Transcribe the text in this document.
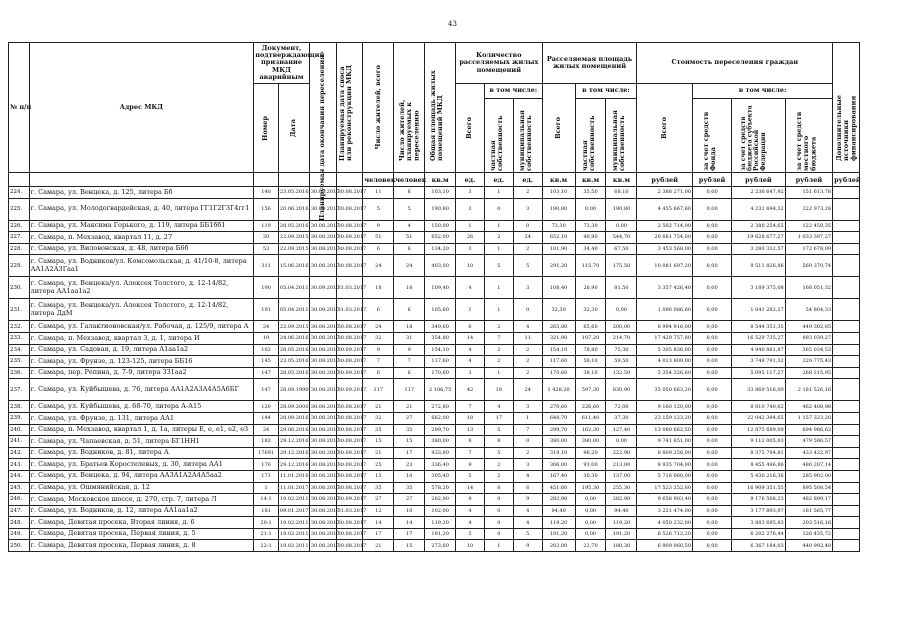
43
№ п/п	Адрес МКД	Документ, подтверждающий признание МКД аварийным		Планируемая дата окончания переселения	Планируемая дата сноса или реконструкции МКД	Число жителей, всего	Число жителей, планируемых к переселению	Общая площадь жилых помещений МКД	Количество расселяемых жилых помещений			Расселяемая площадь жилых помещений			Стоимость переселения граждан				Дополнительные источники финансирования

		Номер	Дата						Всего	в том числе:		Всего	в том числе:		Всего	в том числе:			

										частная собственность	муниципальная собственность		частная собственность	муниципальная собственность		за счет средств Фонда	за счет средств бюджета субъекта Российской Федерации	за счет средств местного бюджета	

						человек	человек	кв.м	ед.	ед.	ед.	кв.м	кв.м	кв.м	рублей	рублей	рублей	рублей	рублей
224.	г. Самара, ул. Венцека, д. 125, литера Бб	140	23.05.2016	30.08.2017	30.08.2017	11	6	103,10	3	1	2	103,10	35,50	68,10	2 388 271,00	0,00	2 236 647,92	151 613,78	
225.	г. Самара, ул. Молодогвардейская, д. 40, литера ГГ1Г2Г3Г4гг1	156	20.06.2016	30.08.2017	30.08.2017	5	5	190,80	3	0	3	190,80	0,00	190,80	4 455 667,60	0,00	4 232 694,32	222 973,28	
226.	г. Самара, ул. Максима Горького, д. 119, литера ББ1бб1	119	28.05.2016	30.08.2017	30.08.2017	9	4	150,00	1	1	0	73,30	73,30	0,00	2 502 714,00	0,00	2 380 254,65	122 459,35	
227.	г. Самара, п. Мехзавод, квартал 11, д. 27	20	22.09.2015	30.08.2017	30.08.2017	51	51	652,00	26	2	24	652,10	40,90	544,70	20 661 754,00	0,00	19 628 677,27	1 033 397,27	
228.	г. Самара, ул. Виловонская, д. 48, литера Б6б	53	22.09.2015	30.08.2017	30.08.2017	6	6	134,20	3	1	2	101,90	34,40	67,50	3 453 568,00	0,00	3 280 332,57	172 678,09	
229.	г. Самара, ул. Водников/ул. Комсомольская, д. 41/10-8, литера АА1А2А3Гаа1	311	15.06.2016	30.08.2017	30.08.2017	24	24	403,00	10	5	5	291,20	115,70	175,50	10 081 697,20	0,00	9 511 826,86	569 370,74	
230.	г. Самара, ул. Венцека/ул. Алексея Толстого, д. 12-14/82, литера АА1аа1а2	190	05.04.2011	30.09.2017	31.03.2017	18	18	109,40	4	1	3	108,40	26,90	81,50	3 357 426,40	0,00	3 189 375,08	168 051,32	
231.	г. Самара, ул. Венцека/ул. Алексея Толстого, д. 12-14/82, литера ДдМ	191	05.04.2011	30.09.2017	31.03.2017	6	6	105,60	1	1	0	32,30	32,30	0,00	1 096 086,60	0,00	1 041 282,27	54 804,33	
232.	г. Самара, ул. Галактионовская/ул. Рабочая, д. 125/9, литера А	24	22.09.2015	30.08.2017	30.08.2017	24	18	349,60	6	2	4	265,80	65,60	200,00	8 994 916,00	0,00	8 544 351,35	449 302,85	
233.	г. Самара, п. Мехзавод, квартал 3, д. 1, литера И	19	24.06.2016	30.08.2017	30.08.2017	32	31	354,80	14	7	11	321,90	107,20	214,70	17 429 757,80	0,00	16 529 735,27	893 039,27	
234.	г. Самара, ул. Садовая, д. 19, литера А1аа1а2	102	28.05.2016	30.08.2017	30.09.2017	9	9	154,10	4	2	2	154,10	78,80	75,30	5 305 836,00	0,00	4 940 861,87	365 034,53	
235.	г. Самара, ул. Фрунзе, д. 123-125, литера ББ16	145	23.05.2016	30.08.2017	30.08.2017	7	7	117,60	4	2	2	117,60	58,10	59,50	4 013 809,00	0,00	3 749 791,32	220 775,43	
236.	г. Самара, пер. Репина, д. 7-9, литера ЗЗ1аа2	147	28.05.2016	30.08.2017	30.09.2017	6	6	170,60	3	1	2	170,60	38,10	132,50	5 354 326,60	0,00	5 095 117,27	268 215,95	
237.	г. Самара, ул. Куйбышева, д. 76, литера АА1А2А3А4А5А6БГ	147	28.09.1990	30.08.2017	30.09.2017	117	117	2 106,75	42	18	24	1 428,20	597,30	830,90	35 050 663,20	0,00	33 869 516,00	2 181 526,16	
238.	г. Самара, ул. Куйбышева, д. 68-70, литера А-А15	120	28.09.2000	30.08.2017	30.08.2017	21	21	272,80	7	4	3	270,60	226,60	72,00	9 160 120,00	0,00	8 810 740,62	462 408,98	
239.	г. Самара, ул. Фрунзе, д. 131, литера АА1	144	28.09.2016	30.08.2017	30.08.2017	32	27	662,00	18	17	1	648,70	611,40	37,30	23 159 123,20	0,00	22 042 394,65	1 157 323,20	
240.	г. Самара, п. Мехзавод, квартал 1, д. 1а, литеры Е, е, е1, е2, е3	24	29.06.2016	30.08.2017	30.08.2017	35	35	299,70	13	5	7	299,70	162,30	127,40	13 080 662,50	0,00	12 875 689,09	694 986,62	
241.	г. Самара, ул. Чапаевская, д. 51, литера БГ1НН1	182	29.12.2016	30.08.2017	30.08.2017	15	15	380,00	8	8	0	380,00	380,00	0,00	9 741 651,00	0,00	9 112 005,03	479 586,57	
242.	г. Самара, ул. Водников, д. 81, литера А	17691	29.12.2016	30.08.2017	30.08.2017	21	17	433,80	7	5	2	319,10	96,20	222,90	8 809 256,00	0,00	8 375 794,81	433 432,97	
243.	г. Самара, ул. Братьев Коростелевых, д. 30, литера АА1	176	29.12.2016	30.08.2017	30.08.2017	25	23	336,40	9	2	3	306,00	93,00	213,00	8 935 704,00	0,00	8 455 496,86	480 207,14	
244.	г. Самара, ул. Венцека, д. 94, литера АА3А1А2А4А5аа2	171	11.01.2016	30.08.2017	30.08.2017	15	10	305,40	5	2	4	167,40	30,30	137,00	5 716 060,00	0,00	5 430 216,36	285 902,00	
245.	г. Самара, ул. Ошмянийская, д. 12	1	11.01.2017	30.08.2017	30.08.2017	35	35	578,20	14	8	6	451,60	195,30	255,30	17 523 252,60	0,00	16 909 351,55	895 508,54	
246.	г. Самара, Московское шоссе, д. 270, стр. 7, литера Л	14-1	19.02.2011	30.08.2017	30.09.2017	27	27	282,90	9	0	9	282,90	0,00	282,90	9 658 903,40	0,00	9 176 508,23	482 899,17	
247.	г. Самара, ул. Водников, д. 12, литера АА1аа1а2	181	09.01.2017	30.08.2017	31.03.2017	12	10	102,00	4	0	4	94,40	0,00	94,40	3 221 474,00	0,00	3 177 893,97	161 565,77	
248.	г. Самара, Девятая просека, Вторая линия, д. 6	20-1	19.02.2011	30.08.2017	30.08.2017	14	14	119,20	4	0	4	119,20	0,00	119,20	4 050 232,00	0,00	3 883 695,83	203 516,16	
249.	г. Самара, Девятая просека, Первая линия, д. 5	21-1	19.02.2011	30.08.2017	30.08.2017	17	17	191,20	5	0	5	191,20	0,00	191,20	6 526 712,20	0,00	6 202 276,44	326 435,72	
250.	г. Самара, Девятая просека, Первая линия, д. 8	22-1	19.02.2011	30.08.2017	30.08.2017	21	15	273,60	10	1	9	203,00	22,70	180,30	6 909 060,50	0,00	6 367 184,03	440 992,48	
